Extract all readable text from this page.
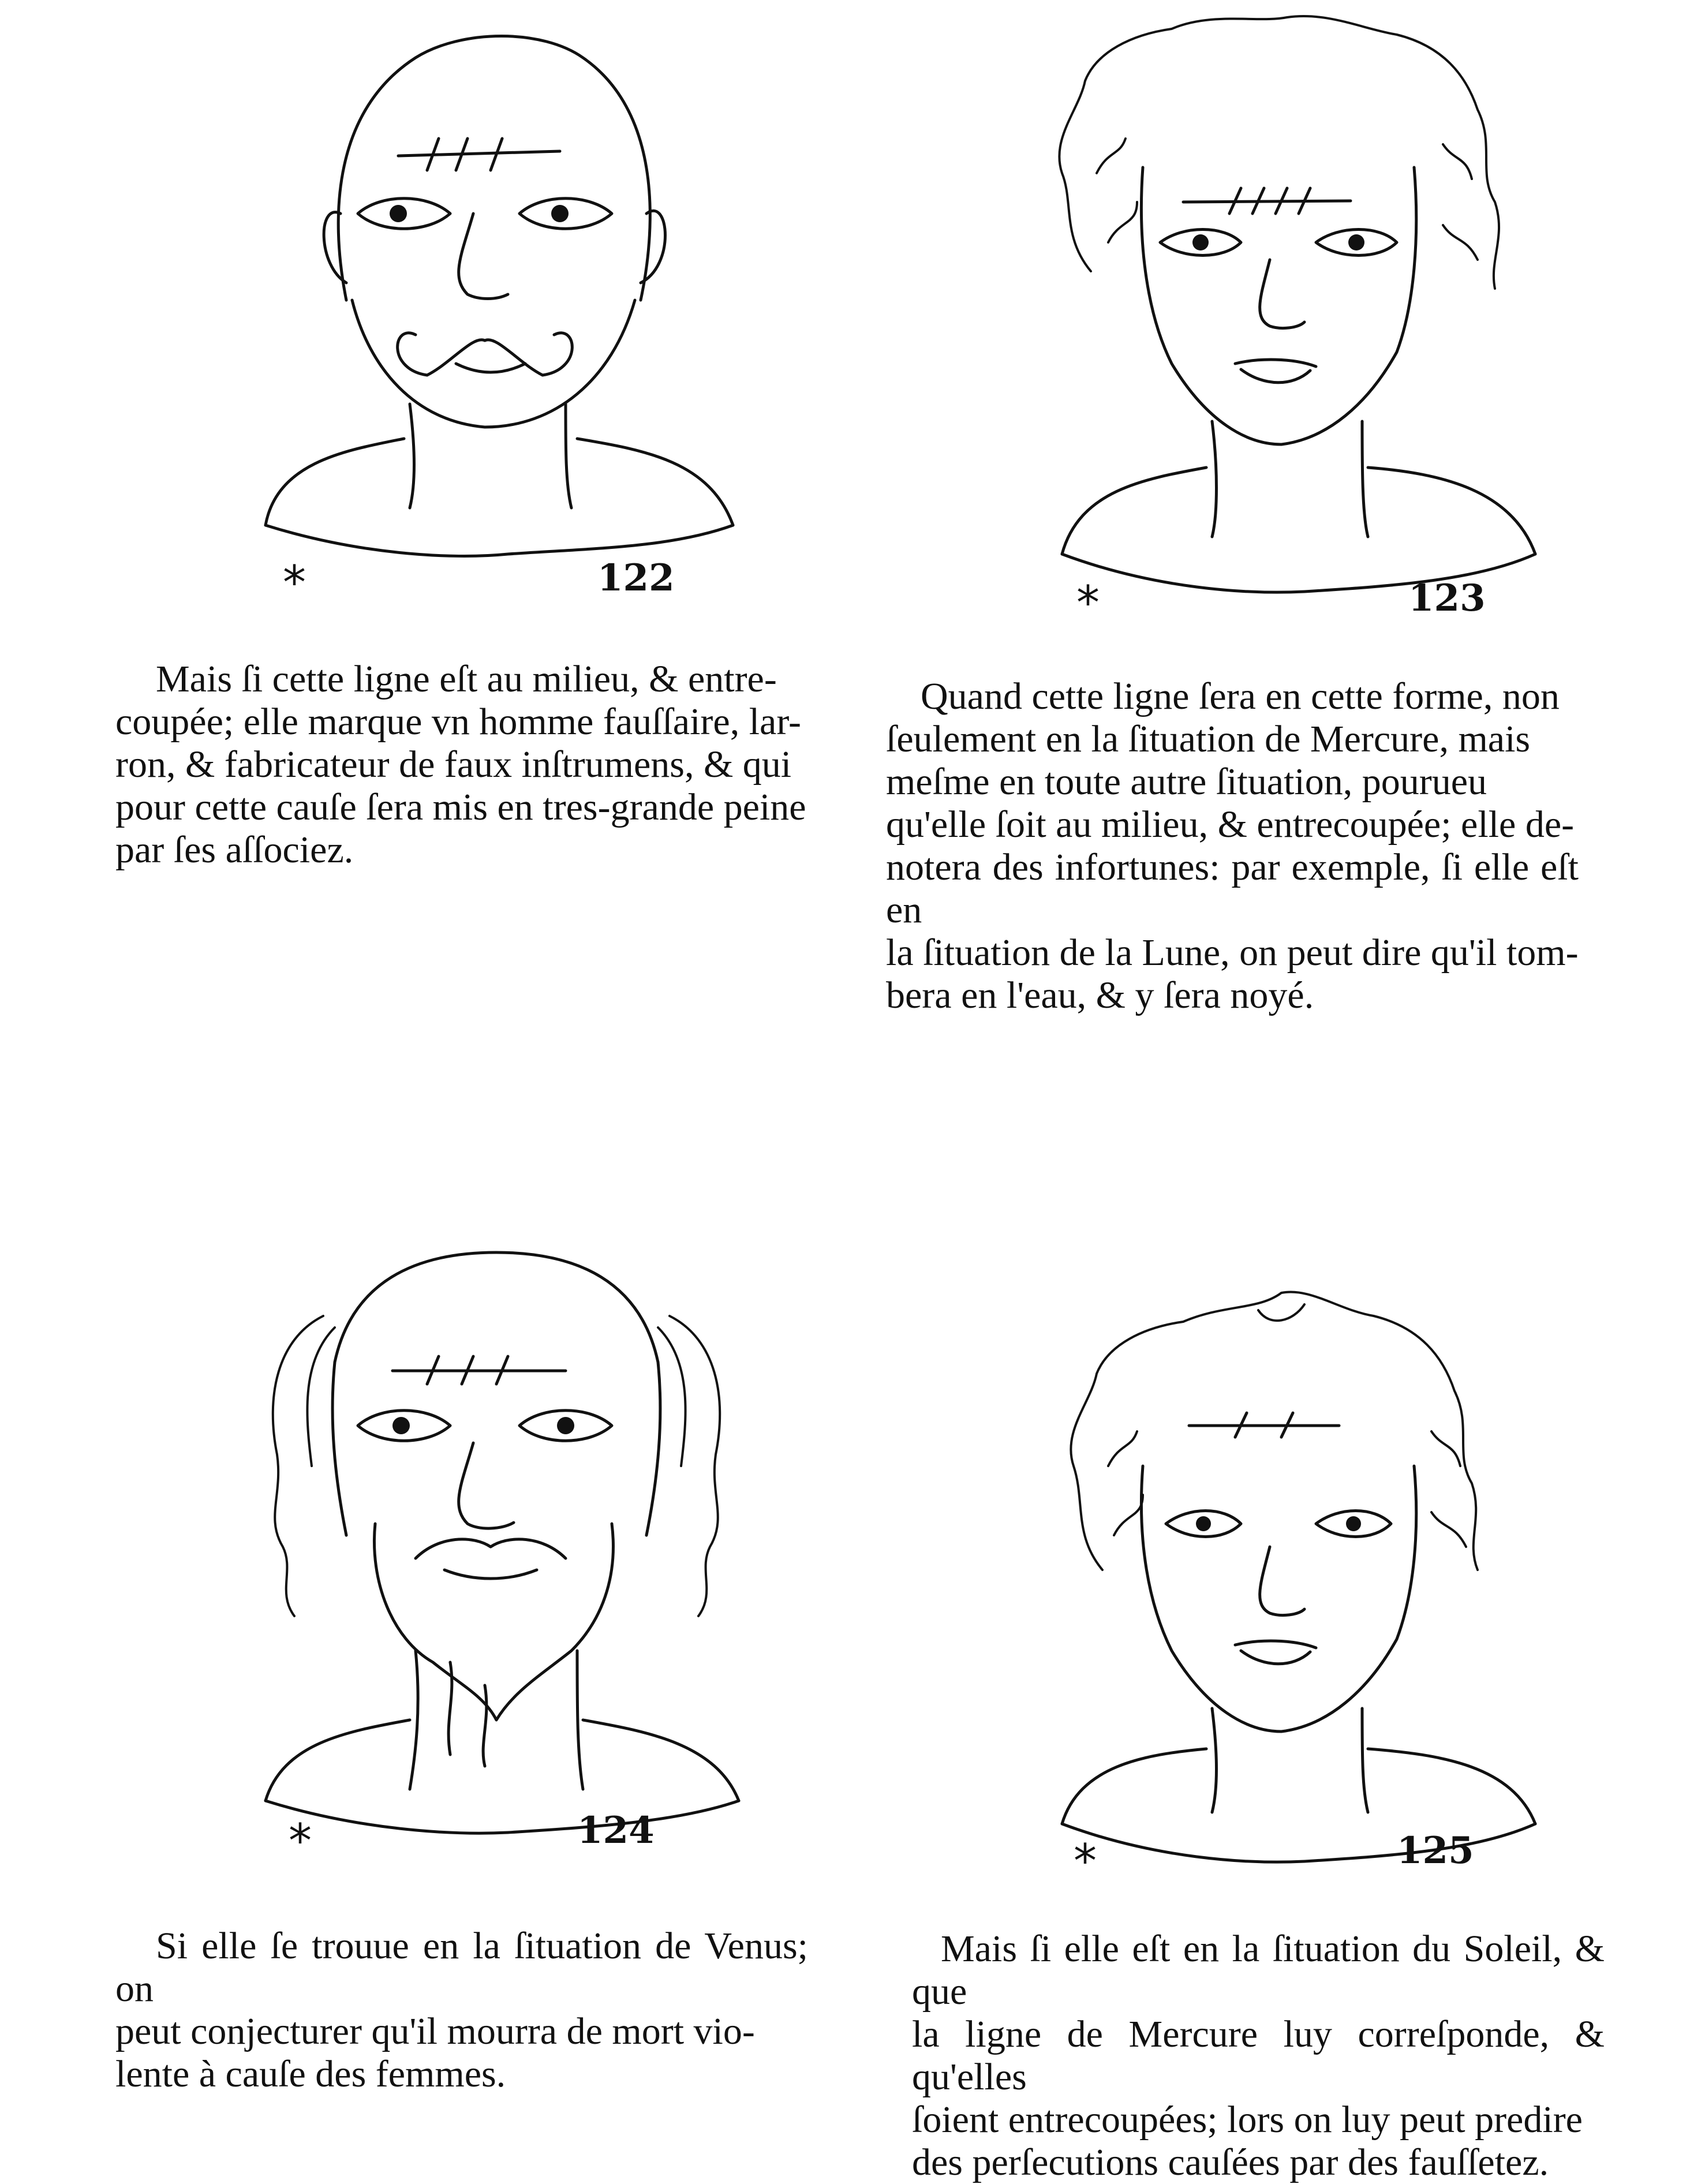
*	122
Mais ſi cette ligne eſt au milieu, & entre-
coupée; elle marque vn homme fauſſaire, lar-
ron, & fabricateur de faux inſtrumens, & qui
pour cette cauſe ſera mis en tres-grande peine
par ſes aſſociez.
*	123
Quand cette ligne ſera en cette forme, non
ſeulement en la ſituation de Mercure, mais
meſme en toute autre ſituation, pourueu
qu'elle ſoit au milieu, & entrecoupée; elle de-
notera des infortunes: par exemple, ſi elle eſt en
la ſituation de la Lune, on peut dire qu'il tom-
bera en l'eau, & y ſera noyé.
*	124
Si elle ſe trouue en la ſituation de Venus; on
peut conjecturer qu'il mourra de mort vio-
lente à cauſe des femmes.
*	125
Mais ſi elle eſt en la ſituation du Soleil, & que
la ligne de Mercure luy correſponde, & qu'elles
ſoient entrecoupées; lors on luy peut predire
des perſecutions cauſées par des fauſſetez.
